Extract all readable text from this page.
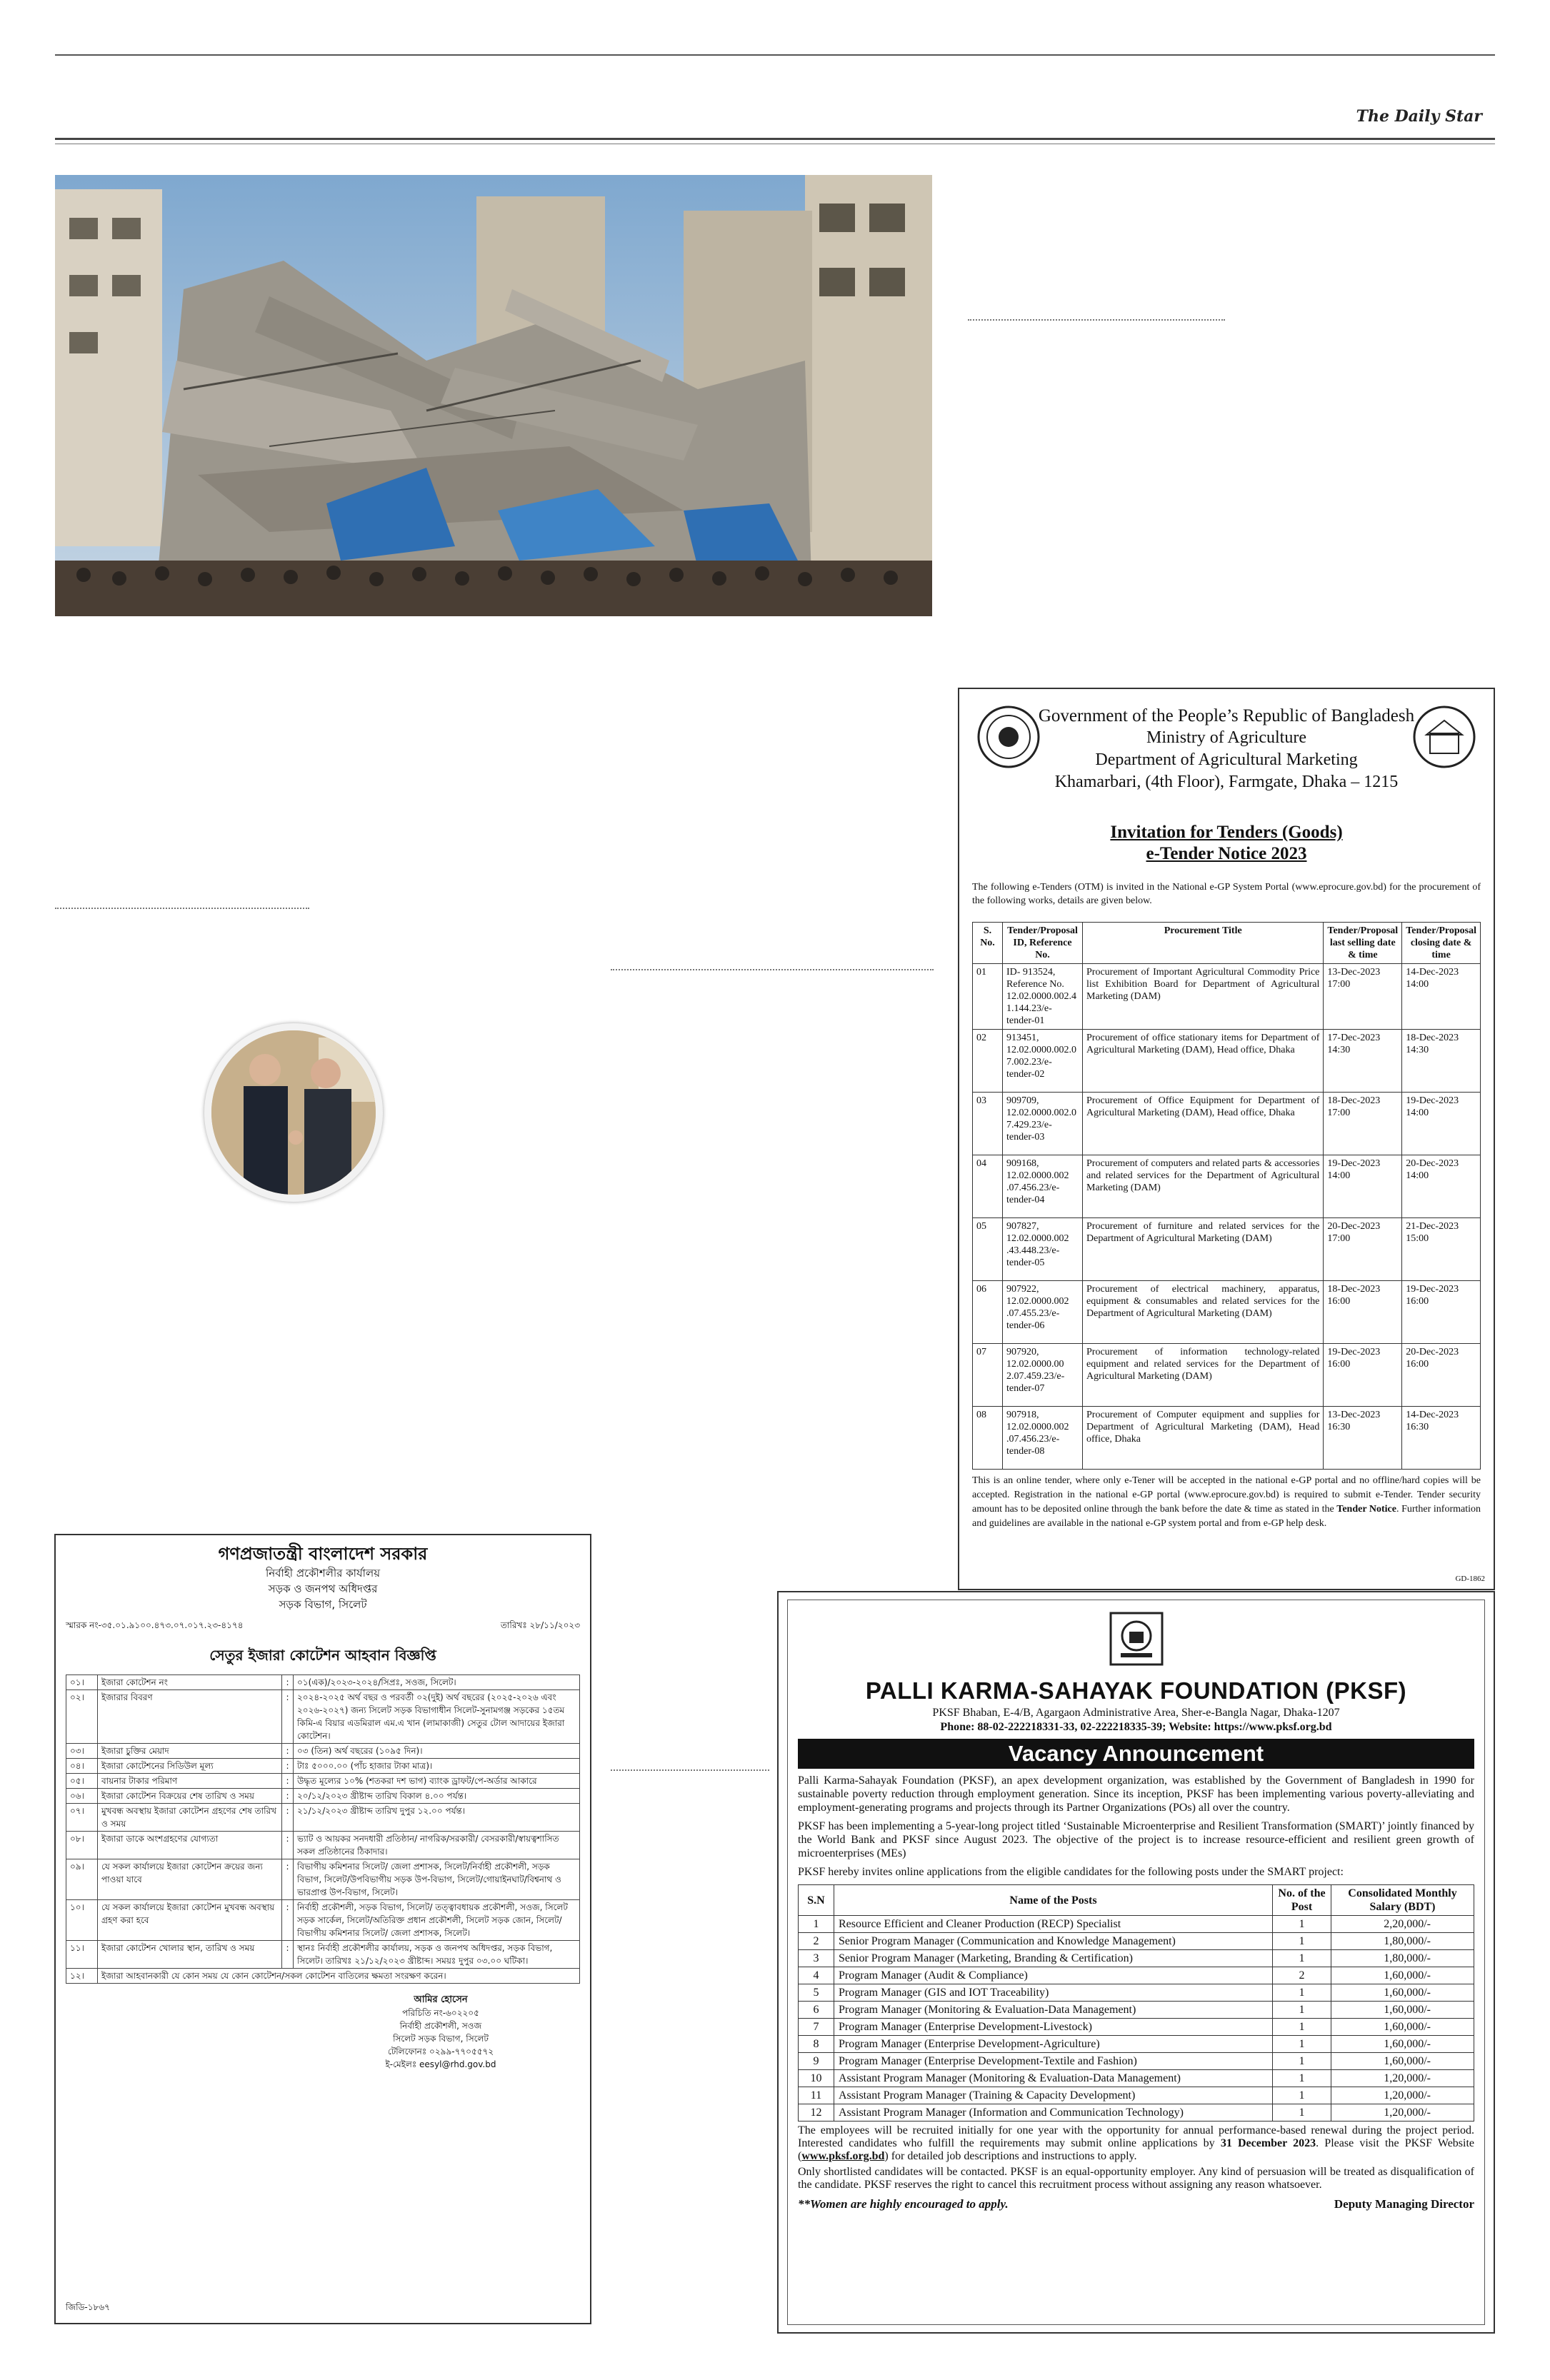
The Daily Star
Government of the People’s Republic of Bangladesh
Ministry of Agriculture
Department of Agricultural Marketing
Khamarbari, (4th Floor), Farmgate, Dhaka – 1215
Invitation for Tenders (Goods)
e-Tender Notice 2023
The following e-Tenders (OTM) is invited in the National e-GP System Portal (www.eprocure.gov.bd) for the procurement of the following works, details are given below.
S. No.	Tender/Proposal ID, Reference No.	Procurement Title	Tender/Proposal last selling date & time	Tender/Proposal closing date & time
01	ID- 913524, Reference No. 12.02.0000.002.4 1.144.23/e-tender-01	Procurement of Important Agricultural Commodity Price list Exhibition Board for Department of Agricultural Marketing (DAM)	13-Dec-2023 17:00	14-Dec-2023 14:00
02	913451, 12.02.0000.002.0 7.002.23/e-tender-02	Procurement of office stationary items for Department of Agricultural Marketing (DAM), Head office, Dhaka	17-Dec-2023 14:30	18-Dec-2023 14:30
03	909709, 12.02.0000.002.0 7.429.23/e-tender-03	Procurement of Office Equipment for Department of Agricultural Marketing (DAM), Head office, Dhaka	18-Dec-2023 17:00	19-Dec-2023 14:00
04	909168, 12.02.0000.002 .07.456.23/e-tender-04	Procurement of computers and related parts & accessories and related services for the Department of Agricultural Marketing (DAM)	19-Dec-2023 14:00	20-Dec-2023 14:00
05	907827, 12.02.0000.002 .43.448.23/e-tender-05	Procurement of furniture and related services for the Department of Agricultural Marketing (DAM)	20-Dec-2023 17:00	21-Dec-2023 15:00
06	907922, 12.02.0000.002 .07.455.23/e-tender-06	Procurement of electrical machinery, apparatus, equipment & consumables and related services for the Department of Agricultural Marketing (DAM)	18-Dec-2023 16:00	19-Dec-2023 16:00
07	907920, 12.02.0000.00 2.07.459.23/e-tender-07	Procurement of information technology-related equipment and related services for the Department of Agricultural Marketing (DAM)	19-Dec-2023 16:00	20-Dec-2023 16:00
08	907918, 12.02.0000.002 .07.456.23/e-tender-08	Procurement of Computer equipment and supplies for Department of Agricultural Marketing (DAM), Head office, Dhaka	13-Dec-2023 16:30	14-Dec-2023 16:30
This is an online tender, where only e-Tener will be accepted in the national e-GP portal and no offline/hard copies will be accepted. Registration in the national e-GP portal (www.eprocure.gov.bd) is required to submit e-Tender. Tender security amount has to be deposited online through the bank before the date & time as stated in the Tender Notice. Further information and guidelines are available in the national e-GP system portal and from e-GP help desk.
GD-1862
PALLI KARMA-SAHAYAK FOUNDATION (PKSF)
PKSF Bhaban, E-4/B, Agargaon Administrative Area, Sher-e-Bangla Nagar, Dhaka-1207
Phone: 88-02-222218331-33, 02-222218335-39; Website: https://www.pksf.org.bd
Vacancy Announcement
Palli Karma-Sahayak Foundation (PKSF), an apex development organization, was established by the Government of Bangladesh in 1990 for sustainable poverty reduction through employment generation. Since its inception, PKSF has been implementing various poverty-alleviating and employment-generating programs and projects through its Partner Organizations (POs) all over the country.
PKSF has been implementing a 5-year-long project titled ‘Sustainable Microenterprise and Resilient Transformation (SMART)’ jointly financed by the World Bank and PKSF since August 2023. The objective of the project is to increase resource-efficient and resilient green growth of microenterprises (MEs)
PKSF hereby invites online applications from the eligible candidates for the following posts under the SMART project:
S.N	Name of the Posts	No. of the Post	Consolidated Monthly Salary (BDT)
1	Resource Efficient and Cleaner Production (RECP) Specialist	1	2,20,000/-
2	Senior Program Manager (Communication and Knowledge Management)	1	1,80,000/-
3	Senior Program Manager (Marketing, Branding & Certification)	1	1,80,000/-
4	Program Manager (Audit & Compliance)	2	1,60,000/-
5	Program Manager (GIS and IOT Traceability)	1	1,60,000/-
6	Program Manager (Monitoring & Evaluation-Data Management)	1	1,60,000/-
7	Program Manager (Enterprise Development-Livestock)	1	1,60,000/-
8	Program Manager (Enterprise Development-Agriculture)	1	1,60,000/-
9	Program Manager (Enterprise Development-Textile and Fashion)	1	1,60,000/-
10	Assistant Program Manager (Monitoring & Evaluation-Data Management)	1	1,20,000/-
11	Assistant Program Manager (Training & Capacity Development)	1	1,20,000/-
12	Assistant Program Manager (Information and Communication Technology)	1	1,20,000/-
The employees will be recruited initially for one year with the opportunity for annual performance-based renewal during the project period. Interested candidates who fulfill the requirements may submit online applications by 31 December 2023. Please visit the PKSF Website (www.pksf.org.bd) for detailed job descriptions and instructions to apply.
Only shortlisted candidates will be contacted. PKSF is an equal-opportunity employer. Any kind of persuasion will be treated as disqualification of the candidate. PKSF reserves the right to cancel this recruitment process without assigning any reason whatsoever.
**Women are highly encouraged to apply.	Deputy Managing Director
গণপ্রজাতন্ত্রী বাংলাদেশ সরকার
নির্বাহী প্রকৌশলীর কার্যালয়
সড়ক ও জনপথ অধিদপ্তর
সড়ক বিভাগ, সিলেট
স্মারক নং-৩৫.০১.৯১০০.৪৭৩.০৭.০১৭.২৩-৪১৭৪	তারিখঃ ২৮/১১/২০২৩
সেতুর ইজারা কোটেশন আহবান বিজ্ঞপ্তি
০১।	ইজারা কোটেশন নং	:	০১(এক)/২০২৩-২০২৪/সিপ্রঃ, সওজ, সিলেট।
০২।	ইজারার বিবরণ	:	২০২৪-২০২৫ অর্থ বছর ও পরবর্তী ০২(দুই) অর্থ বছরের (২০২৫-২০২৬ এবং ২০২৬-২০২৭) জন্য সিলেট সড়ক বিভাগাধীন সিলেট-সুনামগঞ্জ সড়কের ১৫তম কিমি-এ বিয়ার এডমিরাল এম.এ খান (লামাকাজী) সেতুর টোল আদায়ের ইজারা কোটেশন।
০৩।	ইজারা চুক্তির মেয়াদ	:	০৩ (তিন) অর্থ বছরের (১০৯৫ দিন)।
০৪।	ইজারা কোটেশনের সিডিউল মূল্য	:	টাঃ ৫০০০.০০ (পাঁচ হাজার টাকা মাত্র)।
০৫।	বায়নার টাকার পরিমাণ	:	উদ্ধৃত মূল্যের ১০% (শতকরা দশ ভাগ) ব্যাংক ড্রাফট/পে-অর্ডার আকারে
০৬।	ইজারা কোটেশন বিক্রয়ের শেষ তারিখ ও সময়	:	২০/১২/২০২৩ খ্রীষ্টাব্দ তারিখ বিকাল ৪.০০ পর্যন্ত।
০৭।	মুখবন্ধ অবস্থায় ইজারা কোটেশন গ্রহণের শেষ তারিখ ও সময়	:	২১/১২/২০২৩ খ্রীষ্টাব্দ তারিখ দুপুর ১২.০০ পর্যন্ত।
০৮।	ইজারা ডাকে অংশগ্রহণের যোগ্যতা	:	ভ্যাট ও আয়কর সনদধারী প্রতিষ্ঠান/ নাগরিক/সরকারী/ বেসরকারী/স্বায়ত্বশাসিত সকল প্রতিষ্ঠানের ঠিকাদার।
০৯।	যে সকল কার্যালয়ে ইজারা কোটেশন ক্রয়ের জন্য পাওয়া যাবে	:	বিভাগীয় কমিশনার সিলেট/ জেলা প্রশাসক, সিলেট/নির্বাহী প্রকৌশলী, সড়ক বিভাগ, সিলেট/উপবিভাগীয় সড়ক উপ-বিভাগ, সিলেট/গোয়াইনঘাট/বিশ্বনাথ ও ভারপ্রাপ্ত উপ-বিভাগ, সিলেট।
১০।	যে সকল কার্যালয়ে ইজারা কোটেশন মুখবন্ধ অবস্থায় গ্রহণ করা হবে	:	নির্বাহী প্রকৌশলী, সড়ক বিভাগ, সিলেট/ তত্ত্বাবধায়ক প্রকৌশলী, সওজ, সিলেট সড়ক সার্কেল, সিলেট/অতিরিক্ত প্রধান প্রকৌশলী, সিলেট সড়ক জোন, সিলেট/বিভাগীয় কমিশনার সিলেট/ জেলা প্রশাসক, সিলেট।
১১।	ইজারা কোটেশন খোলার স্থান, তারিখ ও সময়	:	স্থানঃ নির্বাহী প্রকৌশলীর কার্যালয়, সড়ক ও জনপথ অধিদপ্তর, সড়ক বিভাগ, সিলেট। তারিখঃ ২১/১২/২০২৩ খ্রীষ্টাব্দ। সময়ঃ দুপুর ০৩.০০ ঘটিকা।
১২।	ইজারা আহবানকারী যে কোন সময় যে কোন কোটেশন/সকল কোটেশন বাতিলের ক্ষমতা সংরক্ষণ করেন।		
আমির হোসেন
পরিচিতি নং-৬০২২০৫
নির্বাহী প্রকৌশলী, সওজ
সিলেট সড়ক বিভাগ, সিলেট
টেলিফোনঃ ০২৯৯-৭৭০৫৫৭২
ই-মেইলঃ eesyl@rhd.gov.bd
জিডি-১৮৬৭
